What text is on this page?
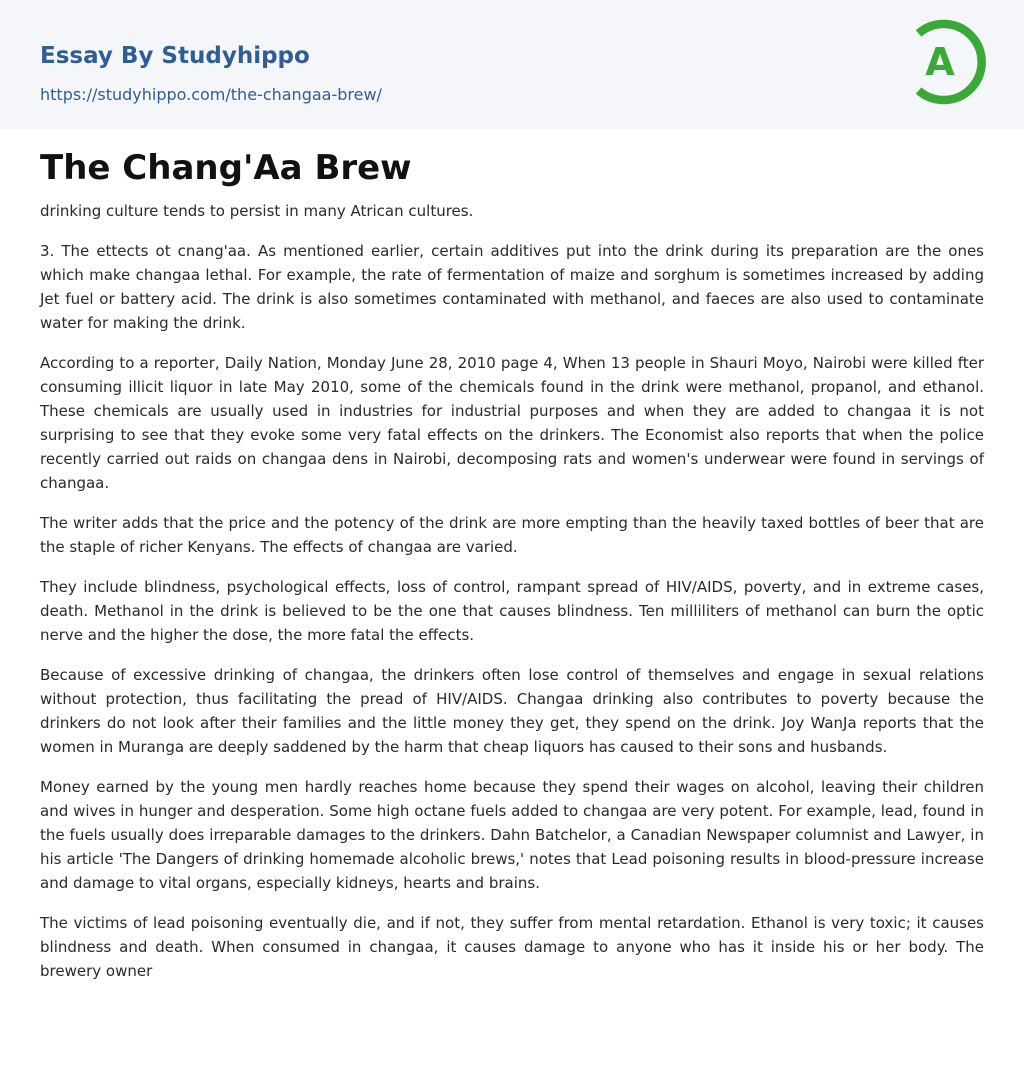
Essay By Studyhippo
https://studyhippo.com/the-changaa-brew/
A
The Chang'Aa Brew

drinking culture tends to persist in many Atrican cultures.

3. The ettects ot cnang'aa. As mentioned earlier, certain additives put into the drink during its preparation are the ones which make changaa lethal. For example, the rate of fermentation of maize and sorghum is sometimes increased by adding Jet fuel or battery acid. The drink is also sometimes contaminated with methanol, and faeces are also used to contaminate water for making the drink.

According to a reporter, Daily Nation, Monday June 28, 2010 page 4, When 13 people in Shauri Moyo, Nairobi were killed fter consuming illicit liquor in late May 2010, some of the chemicals found in the drink were methanol, propanol, and ethanol. These chemicals are usually used in industries for industrial purposes and when they are added to changaa it is not surprising to see that they evoke some very fatal effects on the drinkers. The Economist also reports that when the police recently carried out raids on changaa dens in Nairobi, decomposing rats and women's underwear were found in servings of changaa.

The writer adds that the price and the potency of the drink are more empting than the heavily taxed bottles of beer that are the staple of richer Kenyans. The effects of changaa are varied.

They include blindness, psychological effects, loss of control, rampant spread of HIV/AIDS, poverty, and in extreme cases, death. Methanol in the drink is believed to be the one that causes blindness. Ten milliliters of methanol can burn the optic nerve and the higher the dose, the more fatal the effects.

Because of excessive drinking of changaa, the drinkers often lose control of themselves and engage in sexual relations without protection, thus facilitating the pread of HIV/AIDS. Changaa drinking also contributes to poverty because the drinkers do not look after their families and the little money they get, they spend on the drink. Joy WanJa reports that the women in Muranga are deeply saddened by the harm that cheap liquors has caused to their sons and husbands.

Money earned by the young men hardly reaches home because they spend their wages on alcohol, leaving their children and wives in hunger and desperation. Some high octane fuels added to changaa are very potent. For example, lead, found in the fuels usually does irreparable damages to the drinkers. Dahn Batchelor, a Canadian Newspaper columnist and Lawyer, in his article 'The Dangers of drinking homemade alcoholic brews,' notes that Lead poisoning results in blood-pressure increase and damage to vital organs, especially kidneys, hearts and brains.

The victims of lead poisoning eventually die, and if not, they suffer from mental retardation. Ethanol is very toxic; it causes blindness and death. When consumed in changaa, it causes damage to anyone who has it inside his or her body. The brewery owner
